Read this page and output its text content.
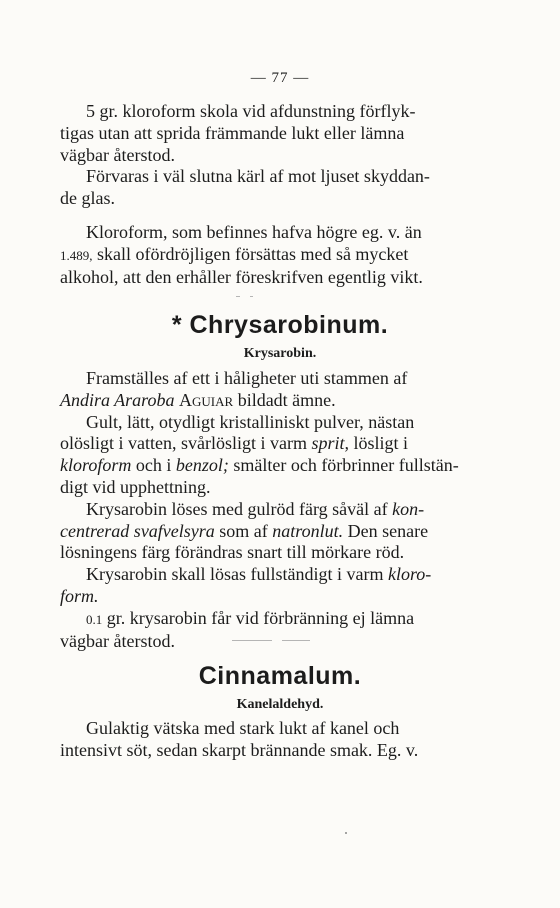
— 77 —

5 gr. kloroform skola vid afdunstning förflyk-
tigas utan att sprida främmande lukt eller lämna
vägbar återstod.

Förvaras i väl slutna kärl af mot ljuset skyddan-
de glas.

Kloroform, som befinnes hafva högre eg. v. än
1.489, skall ofördröjligen försättas med så mycket
alkohol, att den erhåller föreskrifven egentlig vikt.

* Chrysarobinum.
Krysarobin.

Framställes af ett i håligheter uti stammen af
Andira Araroba Aguiar bildadt ämne.

Gult, lätt, otydligt kristalliniskt pulver, nästan
olösligt i vatten, svårlösligt i varm sprit, lösligt i
kloroform och i benzol; smälter och förbrinner fullstän-
digt vid upphettning.

Krysarobin löses med gulröd färg såväl af kon-
centrerad svafvelsyra som af natronlut. Den senare
lösningens färg förändras snart till mörkare röd.

Krysarobin skall lösas fullständigt i varm kloro-
form.

0.1 gr. krysarobin får vid förbränning ej lämna
vägbar återstod.

Cinnamalum.
Kanelaldehyd.

Gulaktig vätska med stark lukt af kanel och
intensivt söt, sedan skarpt brännande smak. Eg. v.
